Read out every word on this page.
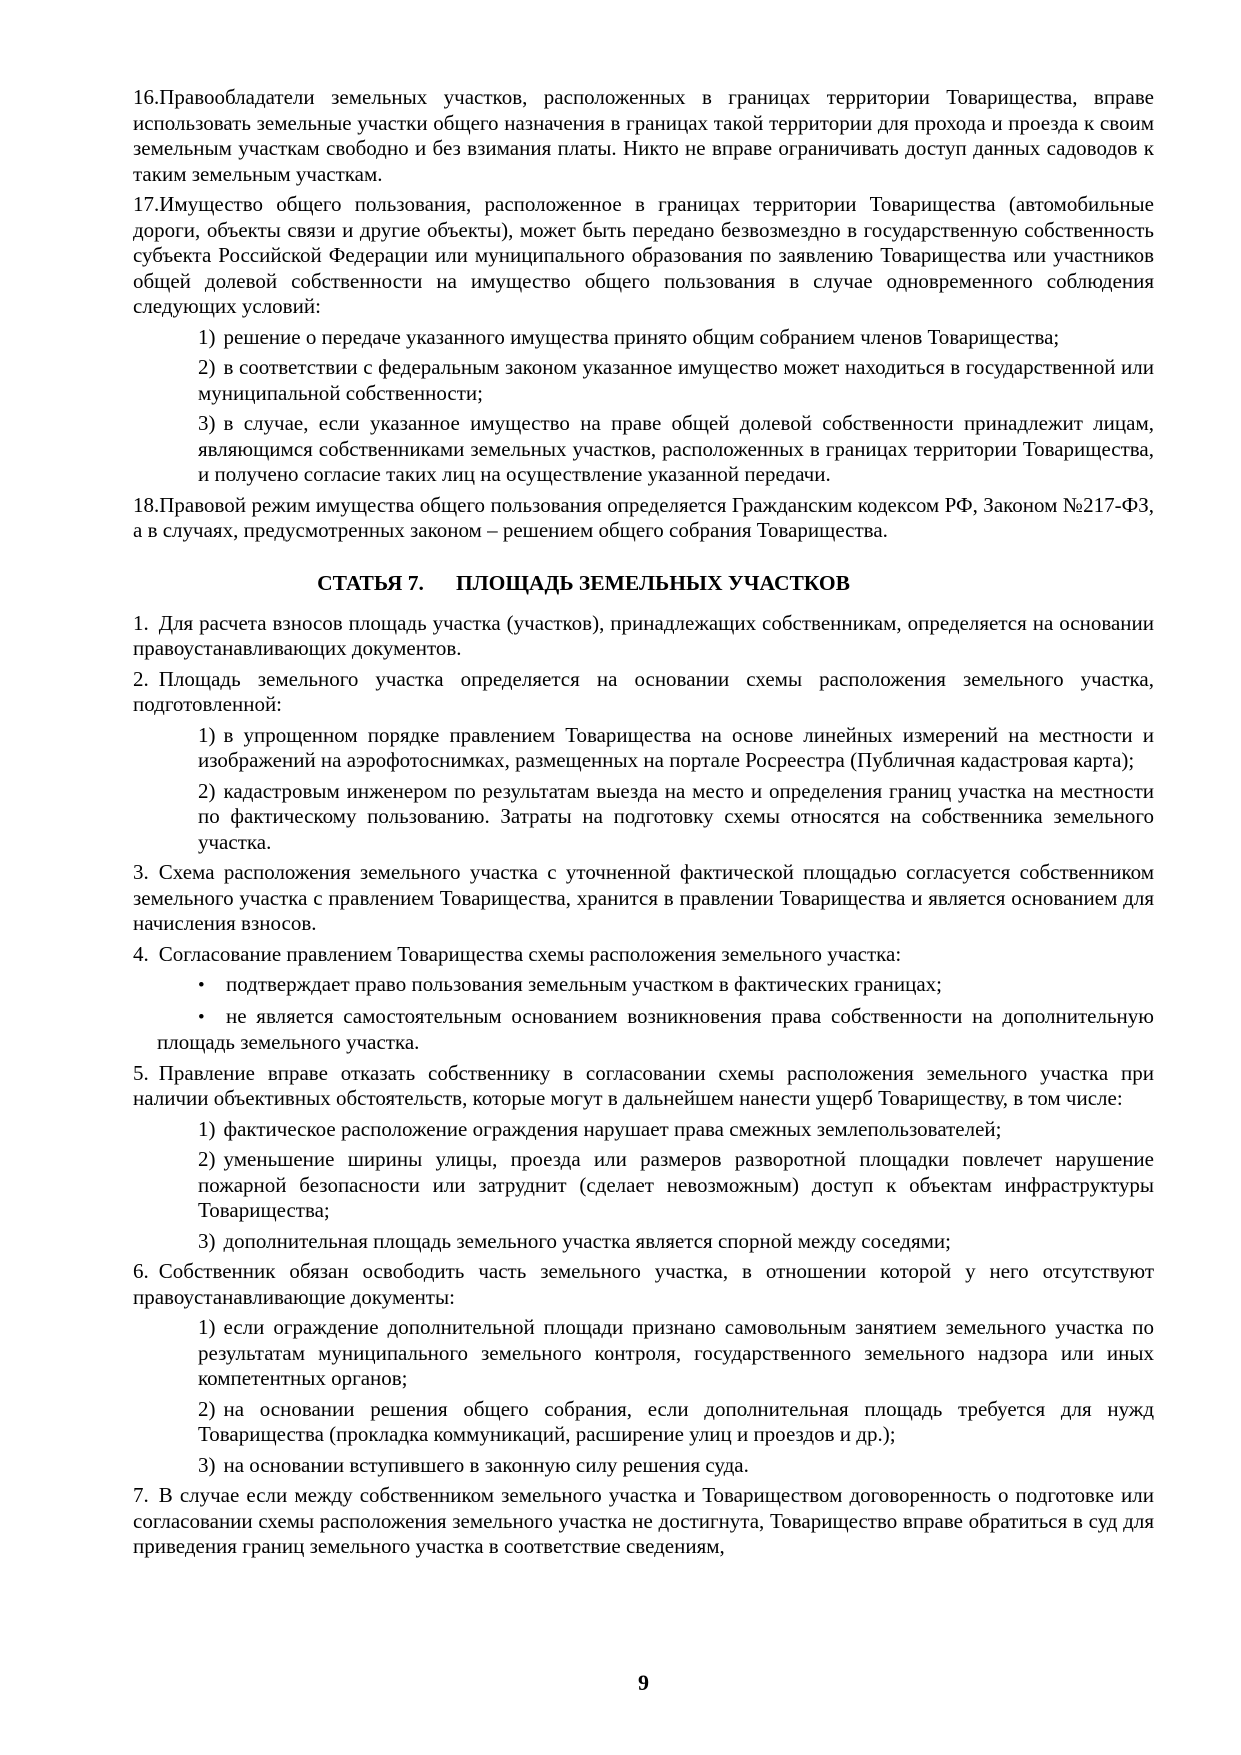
16.Правообладатели земельных участков, расположенных в границах территории Товарищества, вправе использовать земельные участки общего назначения в границах такой территории для прохода и проезда к своим земельным участкам свободно и без взимания платы. Никто не вправе ограничивать доступ данных садоводов к таким земельным участкам.

17.Имущество общего пользования, расположенное в границах территории Товарищества (автомобильные дороги, объекты связи и другие объекты), может быть передано безвозмездно в государственную собственность субъекта Российской Федерации или муниципального образования по заявлению Товарищества или участников общей долевой собственности на имущество общего пользования в случае одновременного соблюдения следующих условий:

1) решение о передаче указанного имущества принято общим собранием членов Товарищества;

2) в соответствии с федеральным законом указанное имущество может находиться в государственной или муниципальной собственности;

3) в случае, если указанное имущество на праве общей долевой собственности принадлежит лицам, являющимся собственниками земельных участков, расположенных в границах территории Товарищества, и получено согласие таких лиц на осуществление указанной передачи.

18.Правовой режим имущества общего пользования определяется Гражданским кодексом РФ, Законом №217-ФЗ, а в случаях, предусмотренных законом – решением общего собрания Товарищества.

СТАТЬЯ 7. ПЛОЩАДЬ ЗЕМЕЛЬНЫХ УЧАСТКОВ

1. Для расчета взносов площадь участка (участков), принадлежащих собственникам, определяется на основании правоустанавливающих документов.

2. Площадь земельного участка определяется на основании схемы расположения земельного участка, подготовленной:

1) в упрощенном порядке правлением Товарищества на основе линейных измерений на местности и изображений на аэрофотоснимках, размещенных на портале Росреестра (Публичная кадастровая карта);

2) кадастровым инженером по результатам выезда на место и определения границ участка на местности по фактическому пользованию. Затраты на подготовку схемы относятся на собственника земельного участка.

3. Схема расположения земельного участка с уточненной фактической площадью согласуется собственником земельного участка с правлением Товарищества, хранится в правлении Товарищества и является основанием для начисления взносов.

4. Согласование правлением Товарищества схемы расположения земельного участка:

• подтверждает право пользования земельным участком в фактических границах;

• не является самостоятельным основанием возникновения права собственности на дополнительную площадь земельного участка.

5. Правление вправе отказать собственнику в согласовании схемы расположения земельного участка при наличии объективных обстоятельств, которые могут в дальнейшем нанести ущерб Товариществу, в том числе:

1) фактическое расположение ограждения нарушает права смежных землепользователей;

2) уменьшение ширины улицы, проезда или размеров разворотной площадки повлечет нарушение пожарной безопасности или затруднит (сделает невозможным) доступ к объектам инфраструктуры Товарищества;

3) дополнительная площадь земельного участка является спорной между соседями;

6. Собственник обязан освободить часть земельного участка, в отношении которой у него отсутствуют правоустанавливающие документы:

1) если ограждение дополнительной площади признано самовольным занятием земельного участка по результатам муниципального земельного контроля, государственного земельного надзора или иных компетентных органов;

2) на основании решения общего собрания, если дополнительная площадь требуется для нужд Товарищества (прокладка коммуникаций, расширение улиц и проездов и др.);

3) на основании вступившего в законную силу решения суда.

7. В случае если между собственником земельного участка и Товариществом договоренность о подготовке или согласовании схемы расположения земельного участка не достигнута, Товарищество вправе обратиться в суд для приведения границ земельного участка в соответствие сведениям,

9
